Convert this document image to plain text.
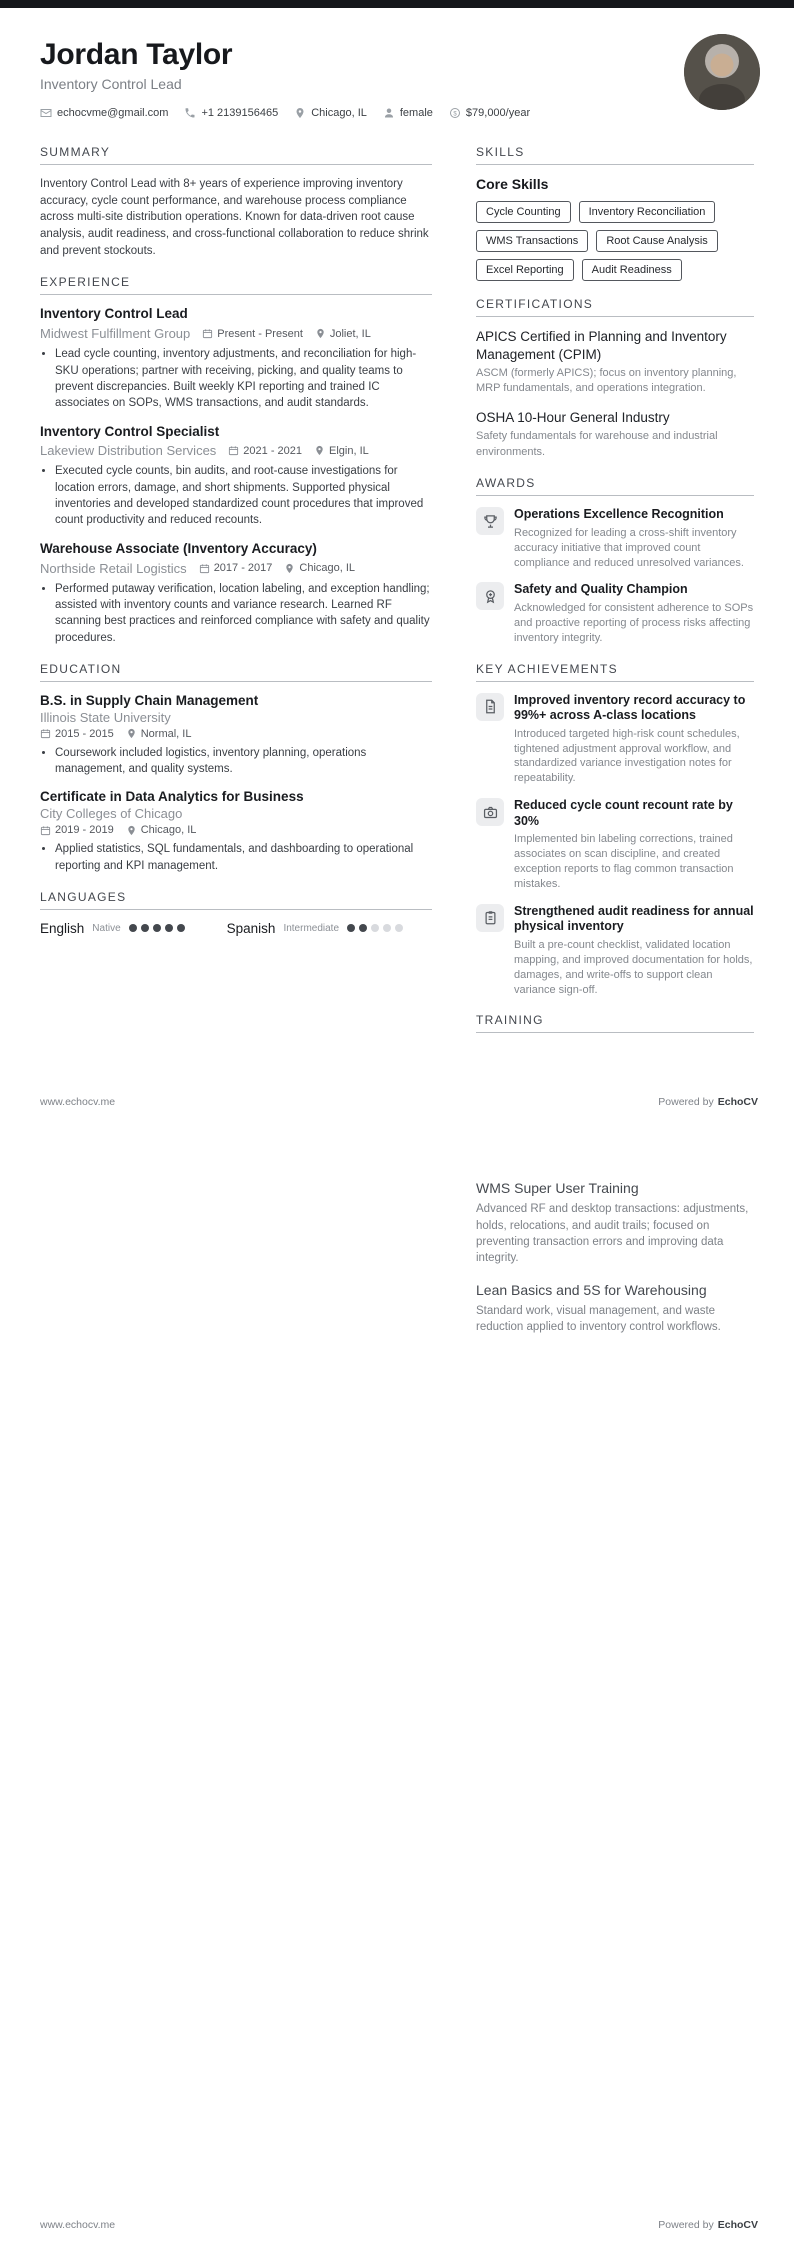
Jordan Taylor
Inventory Control Lead
echocvme@gmail.com	+1 2139156465	Chicago, IL	female	$79,000/year
SUMMARY
Inventory Control Lead with 8+ years of experience improving inventory accuracy, cycle count performance, and warehouse process compliance across multi-site distribution operations. Known for data-driven root cause analysis, audit readiness, and cross-functional collaboration to reduce shrink and prevent stockouts.
EXPERIENCE
Inventory Control Lead
Midwest Fulfillment Group Present - Present Joliet, IL
• Lead cycle counting, inventory adjustments, and reconciliation for high-SKU operations; partner with receiving, picking, and quality teams to prevent discrepancies. Built weekly KPI reporting and trained IC associates on SOPs, WMS transactions, and audit standards.
Inventory Control Specialist
Lakeview Distribution Services 2021 - 2021 Elgin, IL
• Executed cycle counts, bin audits, and root-cause investigations for location errors, damage, and short shipments. Supported physical inventories and developed standardized count procedures that improved count productivity and reduced recounts.
Warehouse Associate (Inventory Accuracy)
Northside Retail Logistics 2017 - 2017 Chicago, IL
• Performed putaway verification, location labeling, and exception handling; assisted with inventory counts and variance research. Learned RF scanning best practices and reinforced compliance with safety and quality procedures.
EDUCATION
B.S. in Supply Chain Management
Illinois State University
2015 - 2015 Normal, IL
• Coursework included logistics, inventory planning, operations management, and quality systems.
Certificate in Data Analytics for Business
City Colleges of Chicago
2019 - 2019 Chicago, IL
• Applied statistics, SQL fundamentals, and dashboarding to operational reporting and KPI management.
LANGUAGES
English Native	Spanish Intermediate
SKILLS
Core Skills
Cycle Counting	Inventory Reconciliation
WMS Transactions	Root Cause Analysis
Excel Reporting	Audit Readiness
CERTIFICATIONS
APICS Certified in Planning and Inventory Management (CPIM)
ASCM (formerly APICS); focus on inventory planning, MRP fundamentals, and operations integration.
OSHA 10-Hour General Industry
Safety fundamentals for warehouse and industrial environments.
AWARDS
Operations Excellence Recognition
Recognized for leading a cross-shift inventory accuracy initiative that improved count compliance and reduced unresolved variances.
Safety and Quality Champion
Acknowledged for consistent adherence to SOPs and proactive reporting of process risks affecting inventory integrity.
KEY ACHIEVEMENTS
Improved inventory record accuracy to 99%+ across A-class locations
Introduced targeted high-risk count schedules, tightened adjustment approval workflow, and standardized variance investigation notes for repeatability.
Reduced cycle count recount rate by 30%
Implemented bin labeling corrections, trained associates on scan discipline, and created exception reports to flag common transaction mistakes.
Strengthened audit readiness for annual physical inventory
Built a pre-count checklist, validated location mapping, and improved documentation for holds, damages, and write-offs to support clean variance sign-off.
TRAINING
www.echocv.me	Powered by EchoCV
WMS Super User Training
Advanced RF and desktop transactions: adjustments, holds, relocations, and audit trails; focused on preventing transaction errors and improving data integrity.
Lean Basics and 5S for Warehousing
Standard work, visual management, and waste reduction applied to inventory control workflows.
www.echocv.me	Powered by EchoCV
